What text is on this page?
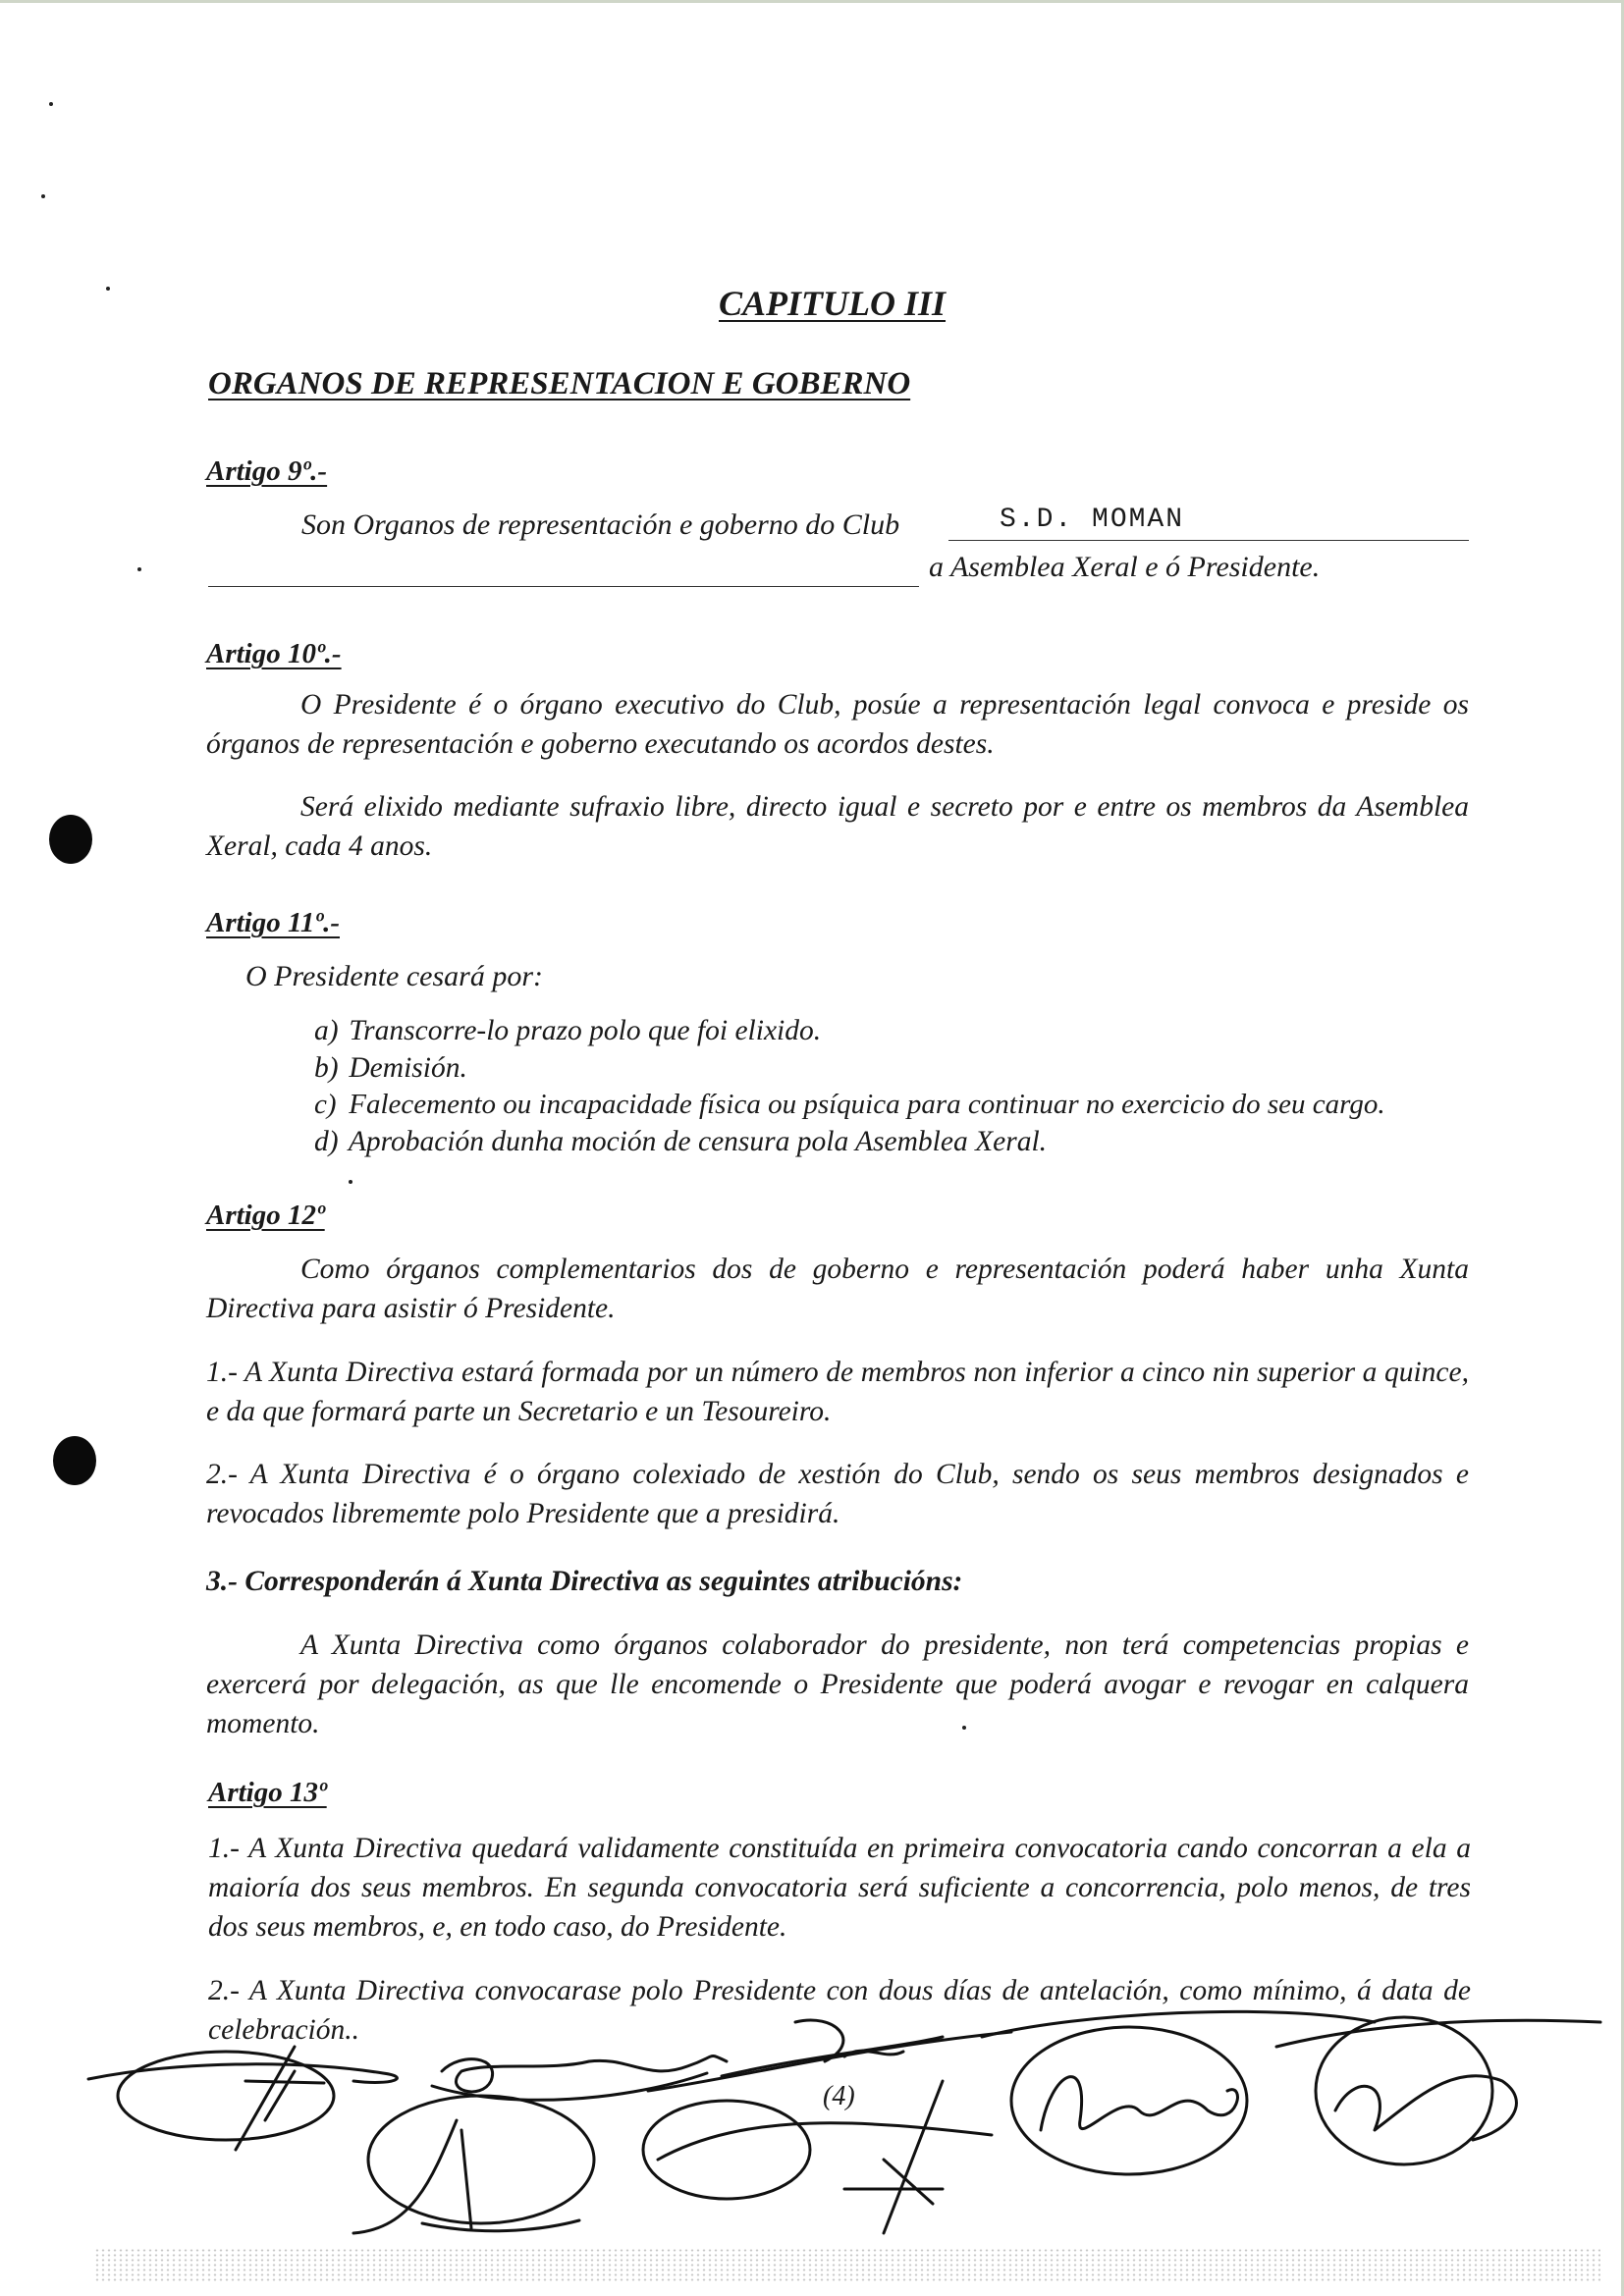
CAPITULO III
ORGANOS DE REPRESENTACION E GOBERNO
Artigo 9º.-
Son Organos de representación e goberno do Club	S.D. MOMAN
a Asemblea Xeral e ó Presidente.
Artigo 10º.-
O Presidente é o órgano executivo do Club, posúe a representación legal convoca e preside os órganos de representación e goberno executando os acordos destes.
Será elixido mediante sufraxio libre, directo igual e secreto por e entre os membros da Asemblea Xeral, cada 4 anos.
Artigo 11º.-
O Presidente cesará por:
a) Transcorre-lo prazo polo que foi elixido.
b) Demisión.
c) Falecemento ou incapacidade física ou psíquica para continuar no exercicio do seu cargo.
d) Aprobación dunha moción de censura pola Asemblea Xeral.
Artigo 12º
Como órganos complementarios dos de goberno e representación poderá haber unha Xunta Directiva para asistir ó Presidente.
1.- A Xunta Directiva estará formada por un número de membros non inferior a cinco nin superior a quince, e da que formará parte un Secretario e un Tesoureiro.
2.- A Xunta Directiva é o órgano colexiado de xestión do Club, sendo os seus membros designados e revocados librememte polo Presidente que a presidirá.
3.- Corresponderán á Xunta Directiva as seguintes atribucións:
A Xunta Directiva como órganos colaborador do presidente, non terá competencias propias e exercerá por delegación, as que lle encomende o Presidente que poderá avogar e revogar en calquera momento.
Artigo 13º
1.- A Xunta Directiva quedará validamente constituída en primeira convocatoria cando concorran a ela a maioría dos seus membros. En segunda convocatoria será suficiente a concorrencia, polo menos, de tres dos seus membros, e, en todo caso, do Presidente.
2.- A Xunta Directiva convocarase polo Presidente con dous días de antelación, como mínimo, á data de celebración..
(4)
